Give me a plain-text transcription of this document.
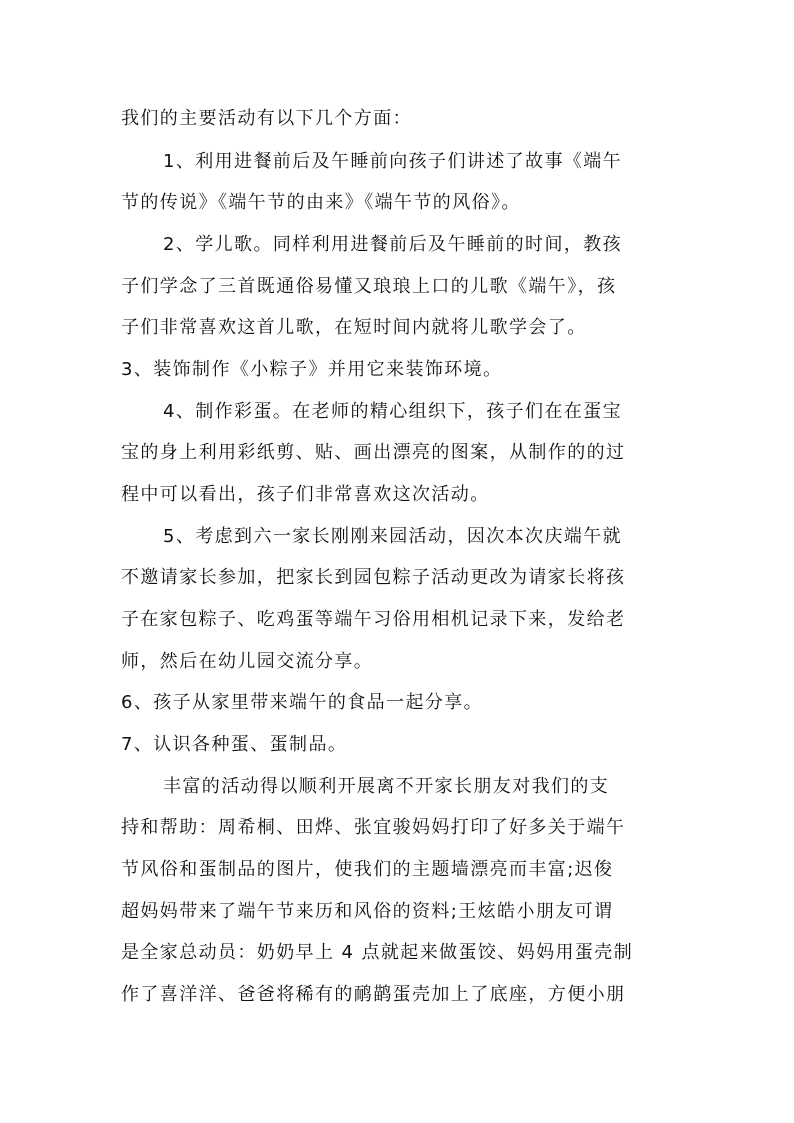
我们的主要活动有以下几个方面：
1、利用进餐前后及午睡前向孩子们讲述了故事《端午
节的传说》《端午节的由来》《端午节的风俗》。
2、学儿歌。同样利用进餐前后及午睡前的时间，教孩
子们学念了三首既通俗易懂又琅琅上口的儿歌《端午》，孩
子们非常喜欢这首儿歌，在短时间内就将儿歌学会了。
3、装饰制作《小粽子》并用它来装饰环境。
4、制作彩蛋。在老师的精心组织下，孩子们在在蛋宝
宝的身上利用彩纸剪、贴、画出漂亮的图案，从制作的的过
程中可以看出，孩子们非常喜欢这次活动。
5、考虑到六一家长刚刚来园活动，因次本次庆端午就
不邀请家长参加，把家长到园包粽子活动更改为请家长将孩
子在家包粽子、吃鸡蛋等端午习俗用相机记录下来，发给老
师，然后在幼儿园交流分享。
6、孩子从家里带来端午的食品一起分享。
7、认识各种蛋、蛋制品。
丰富的活动得以顺利开展离不开家长朋友对我们的支
持和帮助：周希桐、田烨、张宜骏妈妈打印了好多关于端午
节风俗和蛋制品的图片，使我们的主题墙漂亮而丰富;迟俊
超妈妈带来了端午节来历和风俗的资料;王炫皓小朋友可谓
是全家总动员：奶奶早上 4 点就起来做蛋饺、妈妈用蛋壳制
作了喜洋洋、爸爸将稀有的鸸鹋蛋壳加上了底座，方便小朋
